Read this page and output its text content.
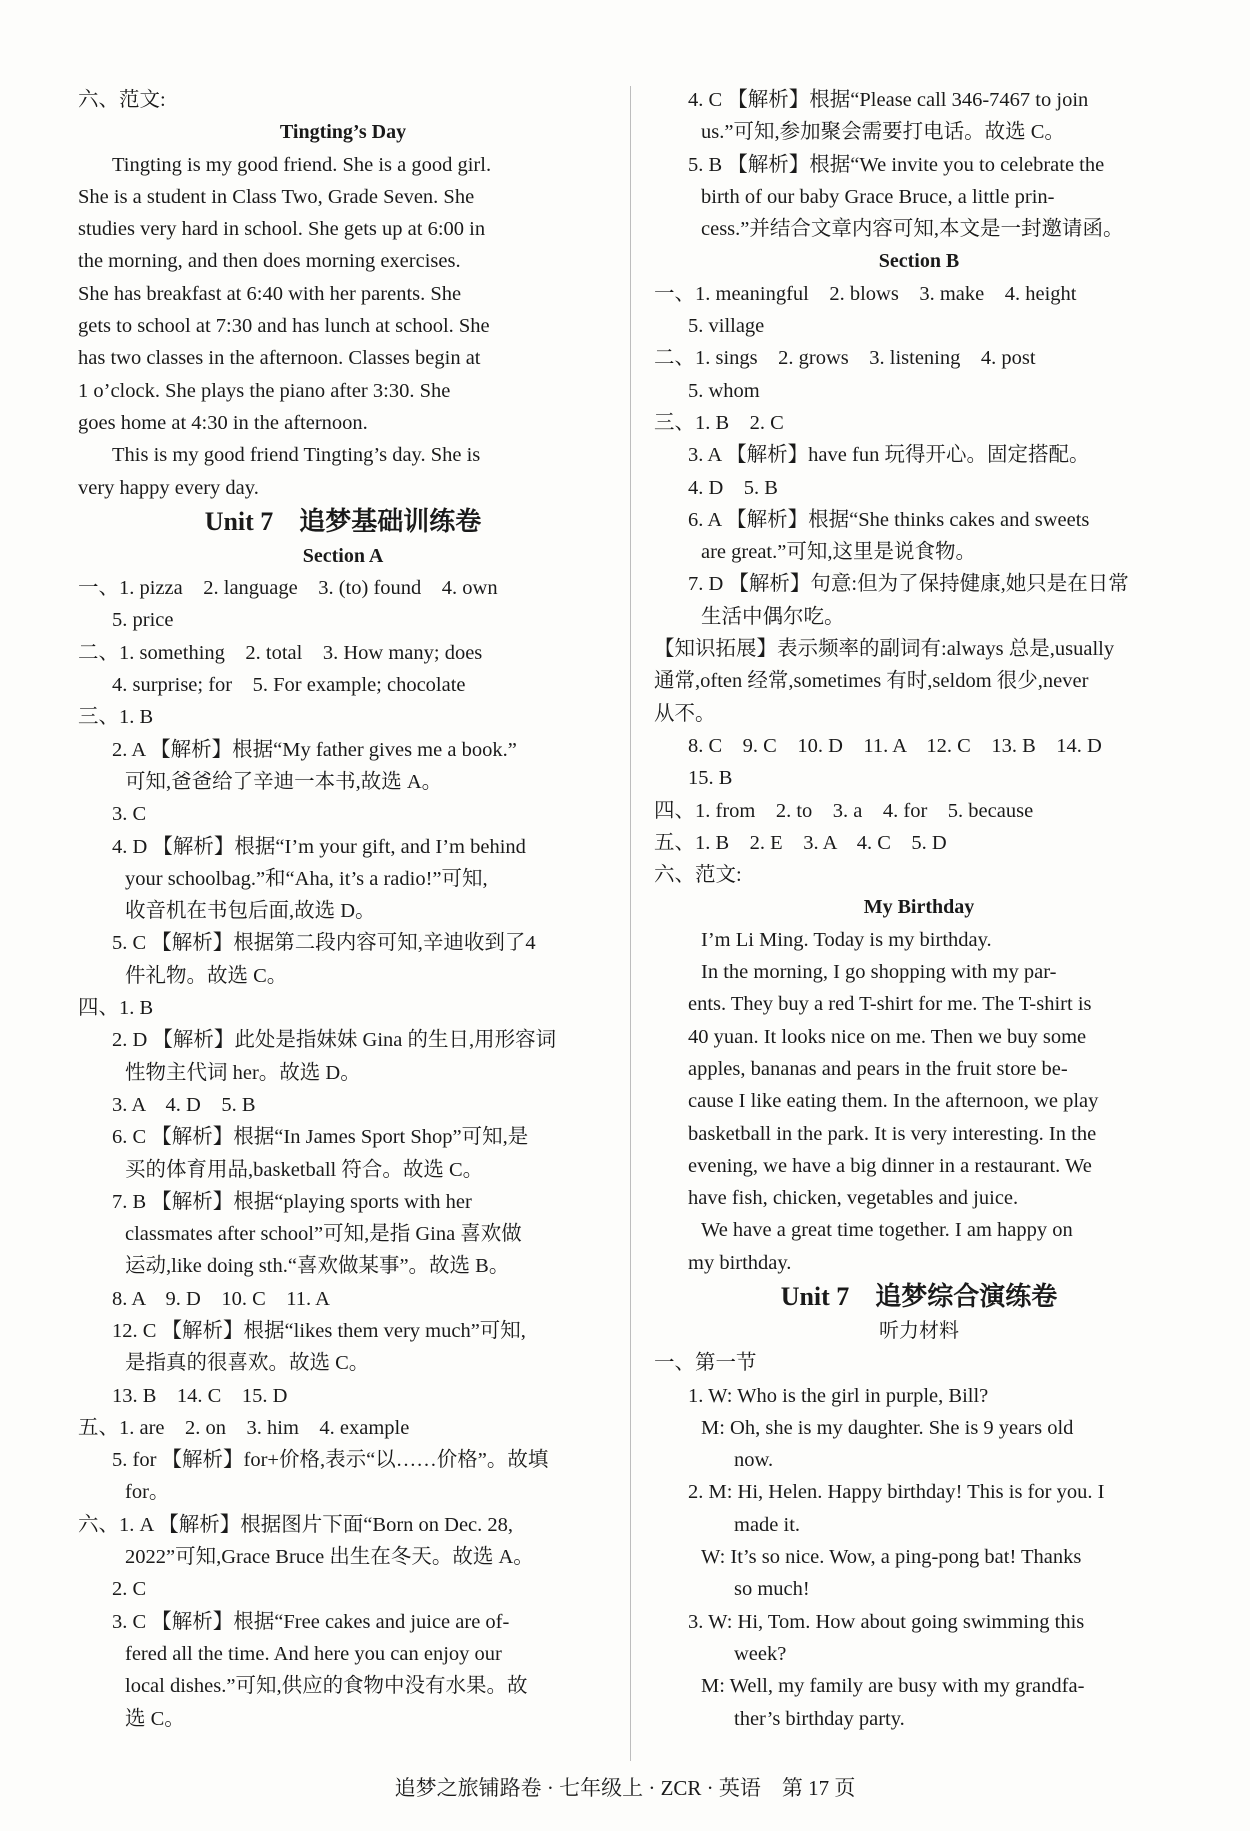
六、范文:
Tingting’s Day
Tingting is my good friend. She is a good girl.
She is a student in Class Two, Grade Seven. She
studies very hard in school. She gets up at 6:00 in
the morning, and then does morning exercises.
She has breakfast at 6:40 with her parents. She
gets to school at 7:30 and has lunch at school. She
has two classes in the afternoon. Classes begin at
1 o’clock. She plays the piano after 3:30. She
goes home at 4:30 in the afternoon.
This is my good friend Tingting’s day. She is
very happy every day.
Unit 7　追梦基础训练卷
Section A
一、1. pizza　2. language　3. (to) found　4. own
5. price
二、1. something　2. total　3. How many; does
4. surprise; for　5. For example; chocolate
三、1. B
2. A 【解析】根据“My father gives me a book.”
可知,爸爸给了辛迪一本书,故选 A。
3. C
4. D 【解析】根据“I’m your gift, and I’m behind
your schoolbag.”和“Aha, it’s a radio!”可知,
收音机在书包后面,故选 D。
5. C 【解析】根据第二段内容可知,辛迪收到了4
件礼物。故选 C。
四、1. B
2. D 【解析】此处是指妹妹 Gina 的生日,用形容词
性物主代词 her。故选 D。
3. A　4. D　5. B
6. C 【解析】根据“In James Sport Shop”可知,是
买的体育用品,basketball 符合。故选 C。
7. B 【解析】根据“playing sports with her
classmates after school”可知,是指 Gina 喜欢做
运动,like doing sth.“喜欢做某事”。故选 B。
8. A　9. D　10. C　11. A
12. C 【解析】根据“likes them very much”可知,
是指真的很喜欢。故选 C。
13. B　14. C　15. D
五、1. are　2. on　3. him　4. example
5. for 【解析】for+价格,表示“以……价格”。故填
for。
六、1. A 【解析】根据图片下面“Born on Dec. 28,
2022”可知,Grace Bruce 出生在冬天。故选 A。
2. C
3. C 【解析】根据“Free cakes and juice are of-
fered all the time. And here you can enjoy our
local dishes.”可知,供应的食物中没有水果。故
选 C。
4. C 【解析】根据“Please call 346-7467 to join
us.”可知,参加聚会需要打电话。故选 C。
5. B 【解析】根据“We invite you to celebrate the
birth of our baby Grace Bruce, a little prin-
cess.”并结合文章内容可知,本文是一封邀请函。
Section B
一、1. meaningful　2. blows　3. make　4. height
5. village
二、1. sings　2. grows　3. listening　4. post
5. whom
三、1. B　2. C
3. A 【解析】have fun 玩得开心。固定搭配。
4. D　5. B
6. A 【解析】根据“She thinks cakes and sweets
are great.”可知,这里是说食物。
7. D 【解析】句意:但为了保持健康,她只是在日常
生活中偶尔吃。
【知识拓展】表示频率的副词有:always 总是,usually
通常,often 经常,sometimes 有时,seldom 很少,never
从不。
8. C　9. C　10. D　11. A　12. C　13. B　14. D
15. B
四、1. from　2. to　3. a　4. for　5. because
五、1. B　2. E　3. A　4. C　5. D
六、范文:
My Birthday
I’m Li Ming. Today is my birthday.
In the morning, I go shopping with my par-
ents. They buy a red T-shirt for me. The T-shirt is
40 yuan. It looks nice on me. Then we buy some
apples, bananas and pears in the fruit store be-
cause I like eating them. In the afternoon, we play
basketball in the park. It is very interesting. In the
evening, we have a big dinner in a restaurant. We
have fish, chicken, vegetables and juice.
We have a great time together. I am happy on
my birthday.
Unit 7　追梦综合演练卷
听力材料
一、第一节
1. W: Who is the girl in purple, Bill?
M: Oh, she is my daughter. She is 9 years old
now.
2. M: Hi, Helen. Happy birthday! This is for you. I
made it.
W: It’s so nice. Wow, a ping-pong bat! Thanks
so much!
3. W: Hi, Tom. How about going swimming this
week?
M: Well, my family are busy with my grandfa-
ther’s birthday party.
追梦之旅铺路卷 · 七年级上 · ZCR · 英语　第 17 页
